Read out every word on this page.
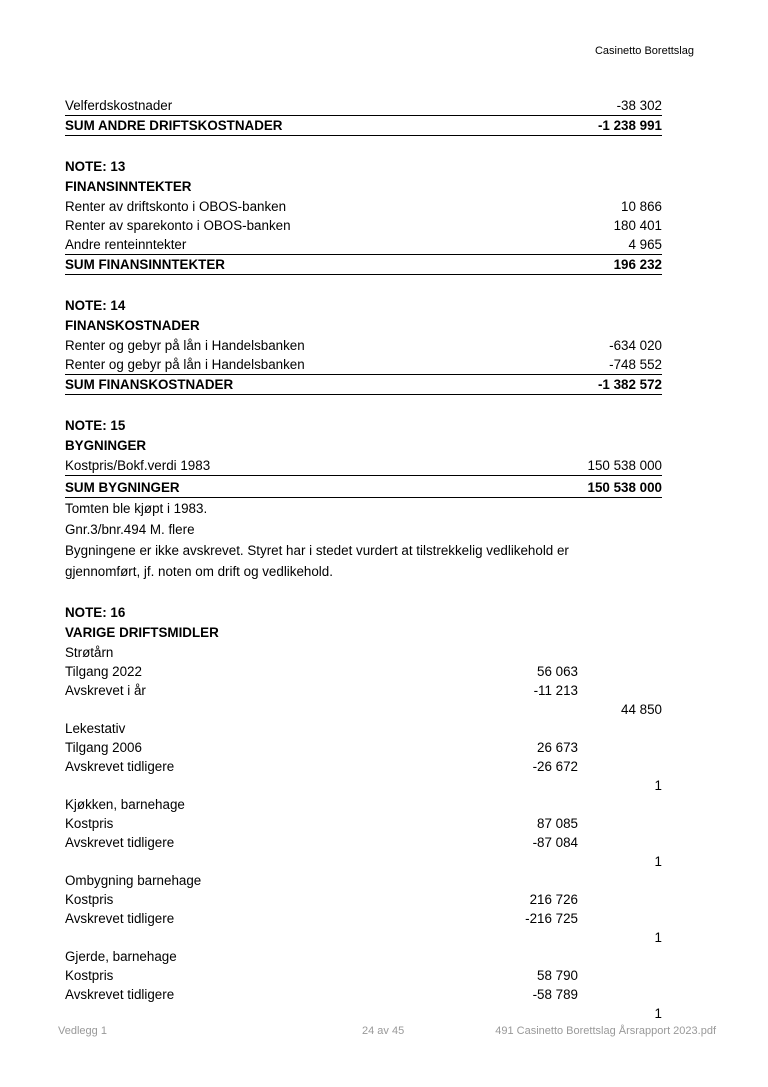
Casinetto Borettslag
Velferdskostnader	-38 302
SUM ANDRE DRIFTSKOSTNADER	-1 238 991
NOTE: 13
FINANSINNTEKTER
Renter av driftskonto i OBOS-banken	10 866
Renter av sparekonto i OBOS-banken	180 401
Andre renteinntekter	4 965
SUM FINANSINNTEKTER	196 232
NOTE: 14
FINANSKOSTNADER
Renter og gebyr på lån i Handelsbanken	-634 020
Renter og gebyr på lån i Handelsbanken	-748 552
SUM FINANSKOSTNADER	-1 382 572
NOTE: 15
BYGNINGER
Kostpris/Bokf.verdi 1983	150 538 000
SUM BYGNINGER	150 538 000
Tomten ble kjøpt i 1983.
Gnr.3/bnr.494 M. flere
Bygningene er ikke avskrevet. Styret har i stedet vurdert at tilstrekkelig vedlikehold er gjennomført, jf. noten om drift og vedlikehold.
NOTE: 16
VARIGE DRIFTSMIDLER
Strøtårn
Tilgang 2022	56 063
Avskrevet i år	-11 213
44 850
Lekestativ
Tilgang 2006	26 673
Avskrevet tidligere	-26 672
1
Kjøkken, barnehage
Kostpris	87 085
Avskrevet tidligere	-87 084
1
Ombygning barnehage
Kostpris	216 726
Avskrevet tidligere	-216 725
1
Gjerde, barnehage
Kostpris	58 790
Avskrevet tidligere	-58 789
1
Vedlegg 1	24 av 45	491 Casinetto Borettslag Årsrapport 2023.pdf
